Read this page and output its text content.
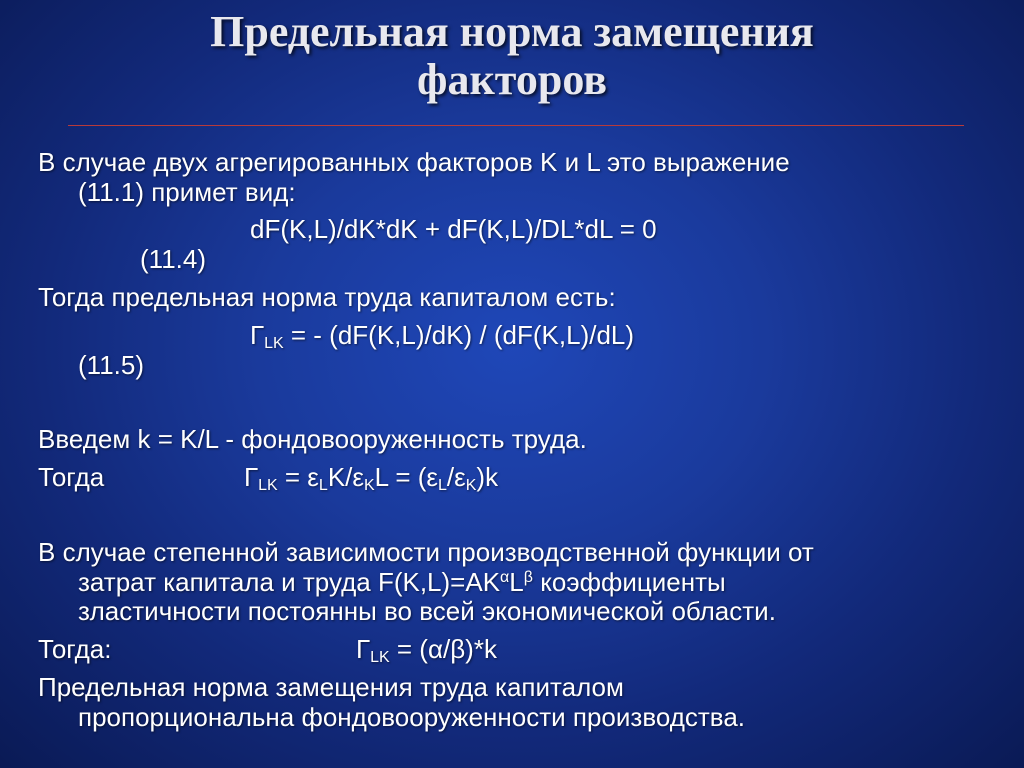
Предельная норма замещения
факторов
В случае двух агрегированных факторов K и L это выражение
(11.1) примет вид:
dF(K,L)/dK*dK + dF(K,L)/DL*dL = 0
(11.4)
Тогда предельная норма труда капиталом есть:
$Г_{LK}$ = - (dF(K,L)/dK) / (dF(K,L)/dL)
(11.5)
Введем k = K/L - фондовооруженность труда.
Тогда	$Г_{LK} = \varepsilon_LK/\varepsilon_KL = (\varepsilon_L/\varepsilon_K)k$
В случае степенной зависимости производственной функции от
затрат капитала и труда $F(K,L)=AK^\alpha L^\beta$ коэффициенты
злaстичности постоянны во всей экономической области.
Тогда:	$Г_{LK} = (\alpha/\beta)*k$
Предельная норма замещения труда капиталом
пропорциональна фондовооруженности производства.
